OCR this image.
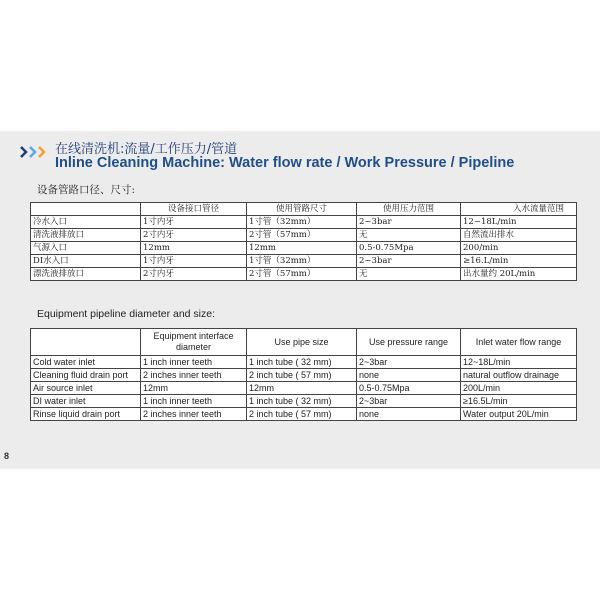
在线清洗机:流量/工作压力/管道
Inline Cleaning Machine: Water flow rate / Work Pressure / Pipeline
设备管路口径、尺寸:
	设备接口管径	使用管路尺寸	使用压力范围	入水流量范围
冷水入口	1寸内牙	1寸管（32mm）	2~3bar	12~18L/min
清洗液排放口	2寸内牙	2寸管（57mm）	无	自然流出排水
气源入口	12mm	12mm	0.5-0.75Mpa	200/min
DI水入口	1寸内牙	1寸管（32mm）	2~3bar	≥16.L/min
漂洗液排放口	2寸内牙	2寸管（57mm）	无	出水量约 20L/min
Equipment pipeline diameter and size:
	Equipment interface diameter	Use pipe size	Use pressure range	Inlet water flow range
Cold water inlet	1 inch inner teeth	1 inch tube ( 32 mm)	2~3bar	12~18L/min
Cleaning fluid drain port	2 inches inner teeth	2 inch tube ( 57 mm)	none	natural outflow drainage
Air source inlet	12mm	12mm	0.5-0.75Mpa	200L/min
DI water inlet	1 inch inner teeth	1 inch tube ( 32 mm)	2~3bar	≥16.5L/min
Rinse liquid drain port	2 inches inner teeth	2 inch tube ( 57 mm)	none	Water output 20L/min
8
